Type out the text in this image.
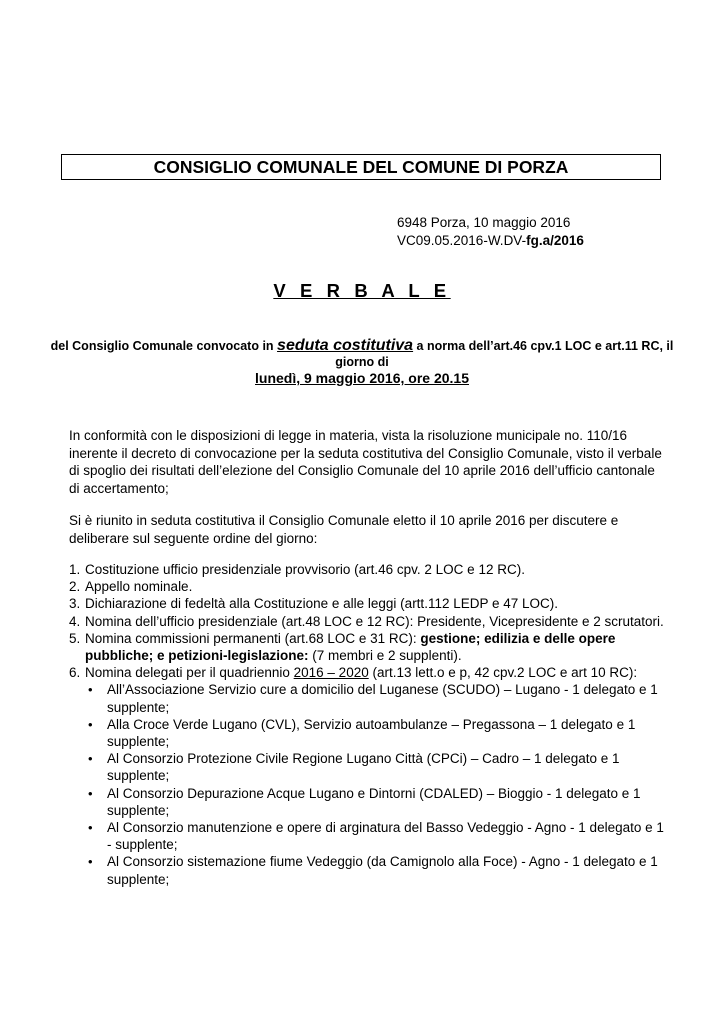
CONSIGLIO COMUNALE DEL COMUNE DI PORZA
6948 Porza, 10 maggio 2016
VC09.05.2016-W.DV-fg.a/2016
V E R B A L E
del Consiglio Comunale convocato in seduta costitutiva a norma dell’art.46 cpv.1 LOC e art.11 RC, il giorno di
lunedì, 9 maggio 2016, ore 20.15
In conformità con le disposizioni di legge in materia, vista la risoluzione municipale no. 110/16 inerente il decreto di convocazione per la seduta costitutiva del Consiglio Comunale, visto il verbale di spoglio dei risultati dell’elezione del Consiglio Comunale del 10 aprile 2016 dell’ufficio cantonale di accertamento;
Si è riunito in seduta costitutiva il Consiglio Comunale eletto il 10 aprile 2016 per discutere e deliberare sul seguente ordine del giorno:
1. Costituzione ufficio presidenziale provvisorio (art.46 cpv. 2 LOC e 12 RC).
2. Appello nominale.
3. Dichiarazione di fedeltà alla Costituzione e alle leggi (artt.112 LEDP e 47 LOC).
4. Nomina dell’ufficio presidenziale (art.48 LOC e 12 RC): Presidente, Vicepresidente e 2 scrutatori.
5. Nomina commissioni permanenti (art.68 LOC e 31 RC): gestione; edilizia e delle opere pubbliche; e petizioni-legislazione: (7 membri e 2 supplenti).
6. Nomina delegati per il quadriennio 2016 – 2020 (art.13 lett.o e p, 42 cpv.2 LOC e art 10 RC):
• All’Associazione Servizio cure a domicilio del Luganese (SCUDO) – Lugano - 1 delegato e 1 supplente;
• Alla Croce Verde Lugano (CVL), Servizio autoambulanze – Pregassona – 1 delegato e 1 supplente;
• Al Consorzio Protezione Civile Regione Lugano Città (CPCi) – Cadro – 1 delegato e 1 supplente;
• Al Consorzio Depurazione Acque Lugano e Dintorni (CDALED) – Bioggio - 1 delegato e 1 supplente;
• Al Consorzio manutenzione e opere di arginatura del Basso Vedeggio - Agno - 1 delegato e 1 - supplente;
• Al Consorzio sistemazione fiume Vedeggio (da Camignolo alla Foce) - Agno - 1 delegato e 1 supplente;
